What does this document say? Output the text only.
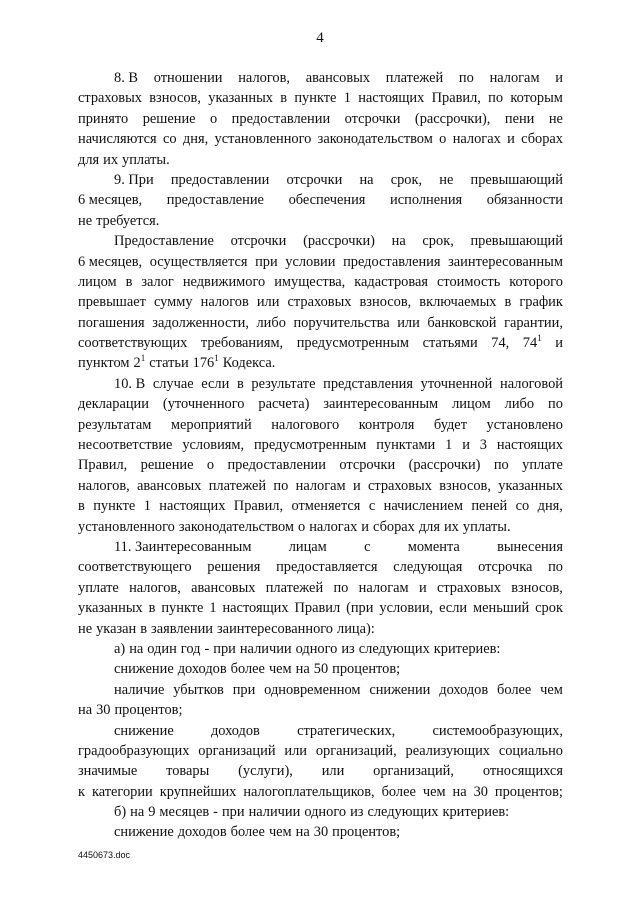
4
8. В отношении налогов, авансовых платежей по налогам и
страховых взносов, указанных в пункте 1 настоящих Правил, по которым
принято решение о предоставлении отсрочки (рассрочки), пени не
начисляются со дня, установленного законодательством о налогах и сборах
для их уплаты.
9. При предоставлении отсрочки на срок, не превышающий
6 месяцев, предоставление обеспечения исполнения обязанности
не требуется.
Предоставление отсрочки (рассрочки) на срок, превышающий
6 месяцев, осуществляется при условии предоставления заинтересованным
лицом в залог недвижимого имущества, кадастровая стоимость которого
превышает сумму налогов или страховых взносов, включаемых в график
погашения задолженности, либо поручительства или банковской гарантии,
соответствующих требованиям, предусмотренным статьями 74, $74^1$ и
пунктом $2^1$ статьи $176^1$ Кодекса.
10. В случае если в результате представления уточненной налоговой
декларации (уточненного расчета) заинтересованным лицом либо по
результатам мероприятий налогового контроля будет установлено
несоответствие условиям, предусмотренным пунктами 1 и 3 настоящих
Правил, решение о предоставлении отсрочки (рассрочки) по уплате
налогов, авансовых платежей по налогам и страховых взносов, указанных
в пункте 1 настоящих Правил, отменяется с начислением пеней со дня,
установленного законодательством о налогах и сборах для их уплаты.
11. Заинтересованным	лицам	с	момента	вынесения
соответствующего решения предоставляется следующая отсрочка по
уплате налогов, авансовых платежей по налогам и страховых взносов,
указанных в пункте 1 настоящих Правил (при условии, если меньший срок
не указан в заявлении заинтересованного лица):
а) на один год - при наличии одного из следующих критериев:
снижение доходов более чем на 50 процентов;
наличие убытков при одновременном снижении доходов более чем
на 30 процентов;
снижение	доходов	стратегических,	системообразующих,
градообразующих организаций или организаций, реализующих социально
значимые товары (услуги), или организаций, относящихся
к категории крупнейших налогоплательщиков, более чем на 30 процентов;
б) на 9 месяцев - при наличии одного из следующих критериев:
снижение доходов более чем на 30 процентов;
4450673.doc
